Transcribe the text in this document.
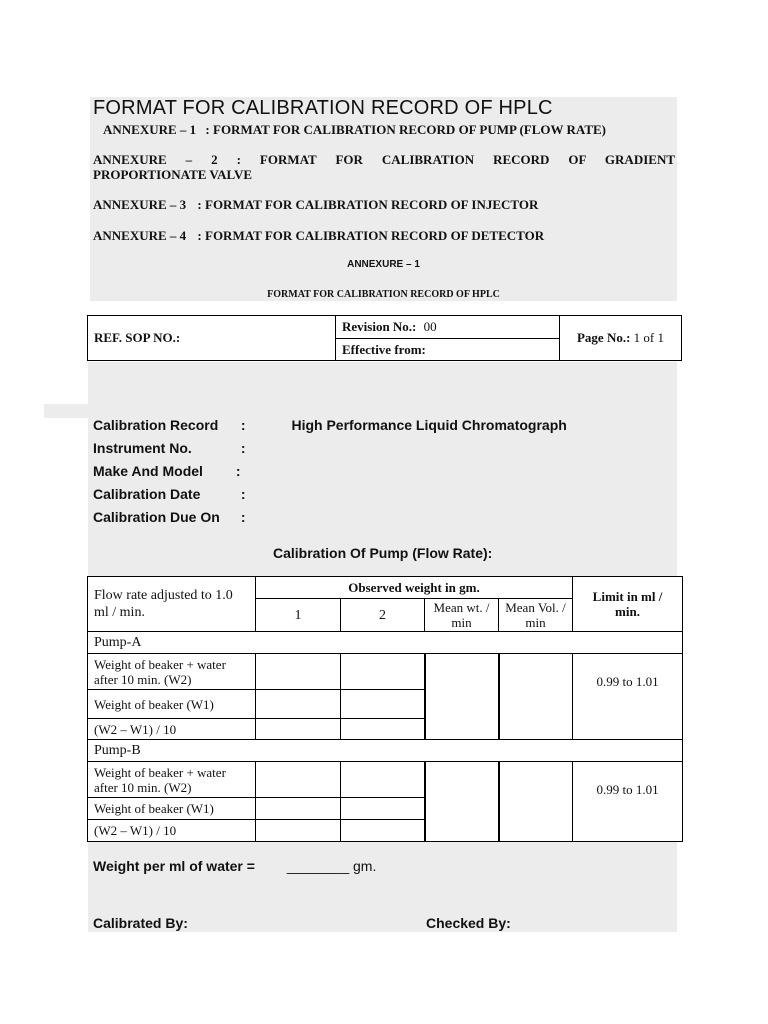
FORMAT FOR CALIBRATION RECORD OF HPLC
ANNEXURE – 1 : FORMAT FOR CALIBRATION RECORD OF PUMP (FLOW RATE)
ANNEXURE – 2 : FORMAT FOR CALIBRATION RECORD OF GRADIENT
PROPORTIONATE VALVE
ANNEXURE – 3 : FORMAT FOR CALIBRATION RECORD OF INJECTOR
ANNEXURE – 4 : FORMAT FOR CALIBRATION RECORD OF DETECTOR
ANNEXURE – 1
FORMAT FOR CALIBRATION RECORD OF HPLC
REF. SOP NO.:	Revision No.: 00	Page No.: 1 of 1
Effective from:
Calibration Record :	High Performance Liquid Chromatograph
Instrument No.	:
Make And Model :
Calibration Date	:
Calibration Due On :
Calibration Of Pump (Flow Rate):
Flow rate adjusted to 1.0 ml / min.	Observed weight in gm.				Limit in ml / min.
	1	2	Mean wt. / min	Mean Vol. / min	
Pump-A					
Weight of beaker + water after 10 min. (W2)					0.99 to 1.01
Weight of beaker (W1)					
(W2 – W1) / 10					
Pump-B					
Weight of beaker + water after 10 min. (W2)					0.99 to 1.01
Weight of beaker (W1)					
(W2 – W1) / 10					
Weight per ml of water = ________ gm.
Calibrated By:	Checked By:
